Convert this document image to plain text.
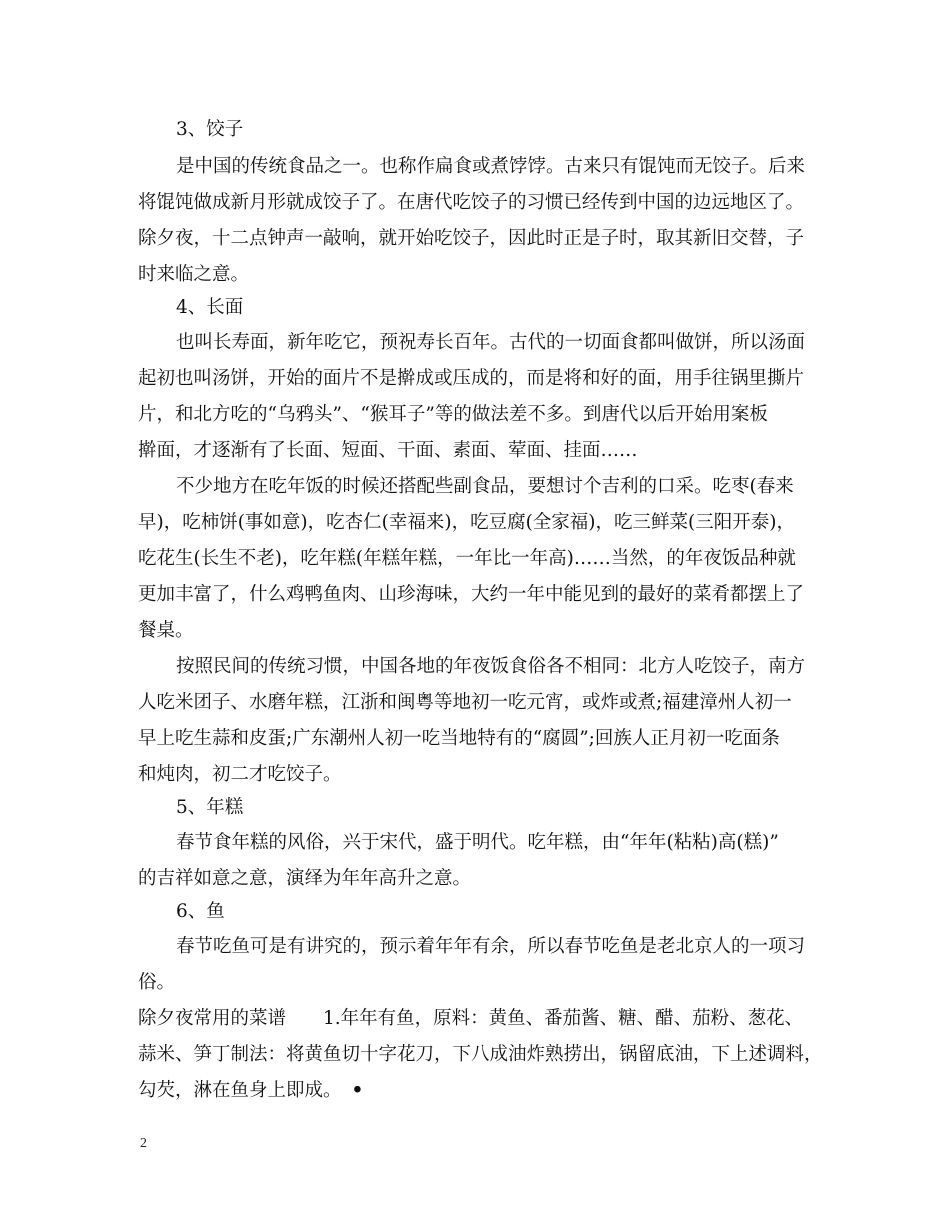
3、饺子
是中国的传统食品之一。也称作扁食或煮饽饽。古来只有馄饨而无饺子。后来
将馄饨做成新月形就成饺子了。在唐代吃饺子的习惯已经传到中国的边远地区了。
除夕夜，十二点钟声一敲响，就开始吃饺子，因此时正是子时，取其新旧交替，子
时来临之意。
4、长面
也叫长寿面，新年吃它，预祝寿长百年。古代的一切面食都叫做饼，所以汤面
起初也叫汤饼，开始的面片不是擀成或压成的，而是将和好的面，用手往锅里撕片
片，和北方吃的“乌鸦头”、“猴耳子”等的做法差不多。到唐代以后开始用案板
擀面，才逐渐有了长面、短面、干面、素面、荤面、挂面……
不少地方在吃年饭的时候还搭配些副食品，要想讨个吉利的口采。吃枣(春来
早)，吃柿饼(事如意)，吃杏仁(幸福来)，吃豆腐(全家福)，吃三鲜菜(三阳开泰)，
吃花生(长生不老)，吃年糕(年糕年糕，一年比一年高)……当然，的年夜饭品种就
更加丰富了，什么鸡鸭鱼肉、山珍海味，大约一年中能见到的最好的菜肴都摆上了
餐桌。
按照民间的传统习惯，中国各地的年夜饭食俗各不相同：北方人吃饺子，南方
人吃米团子、水磨年糕，江浙和闽粤等地初一吃元宵，或炸或煮;福建漳州人初一
早上吃生蒜和皮蛋;广东潮州人初一吃当地特有的“腐圆”;回族人正月初一吃面条
和炖肉，初二才吃饺子。
5、年糕
春节食年糕的风俗，兴于宋代，盛于明代。吃年糕，由“年年(粘粘)高(糕)”
的吉祥如意之意，演绎为年年高升之意。
6、鱼
春节吃鱼可是有讲究的，预示着年年有余，所以春节吃鱼是老北京人的一项习
俗。
除夕夜常用的菜谱　　1.年年有鱼，原料：黄鱼、番茄酱、糖、醋、茄粉、葱花、
蒜米、笋丁制法：将黄鱼切十字花刀，下八成油炸熟捞出，锅留底油，下上述调料，
勾芡，淋在鱼身上即成。 •
2
